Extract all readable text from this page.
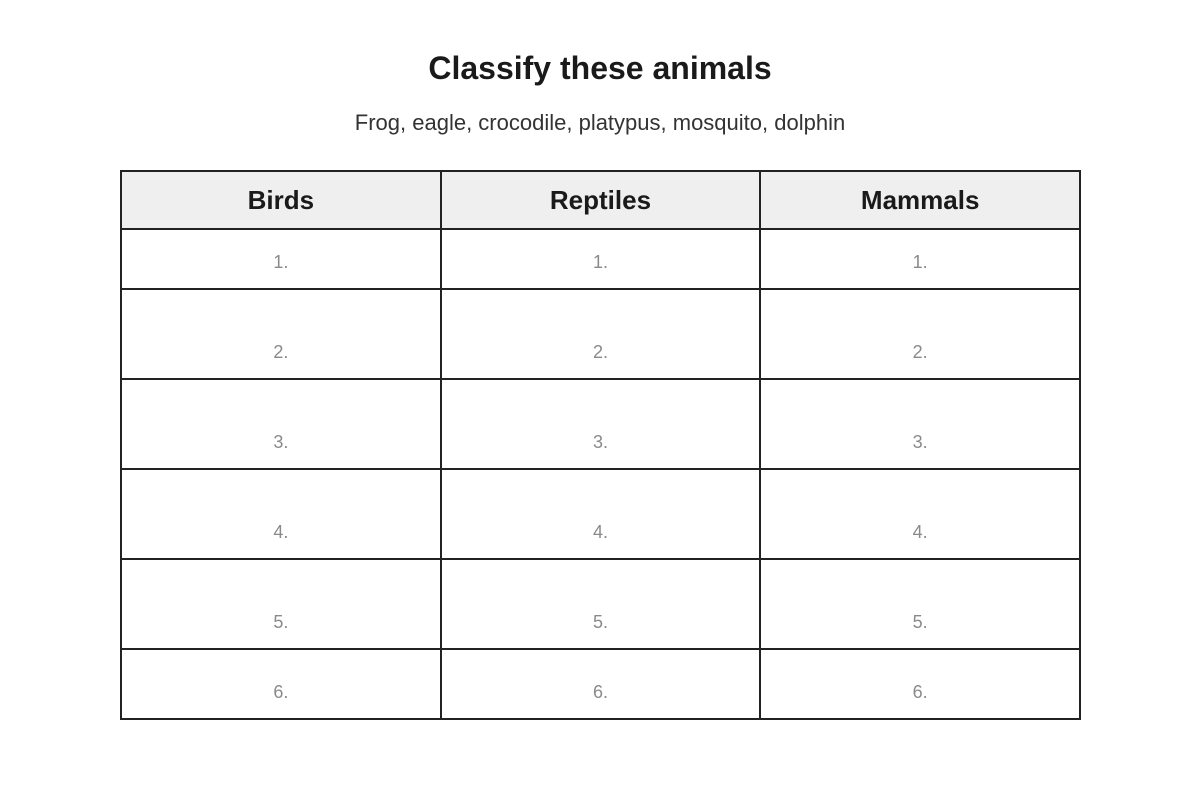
Classify these animals
Frog, eagle, crocodile, platypus, mosquito, dolphin
Birds	Reptiles	Mammals
1.	1.	1.
2.	2.	2.
3.	3.	3.
4.	4.	4.
5.	5.	5.
6.	6.	6.
